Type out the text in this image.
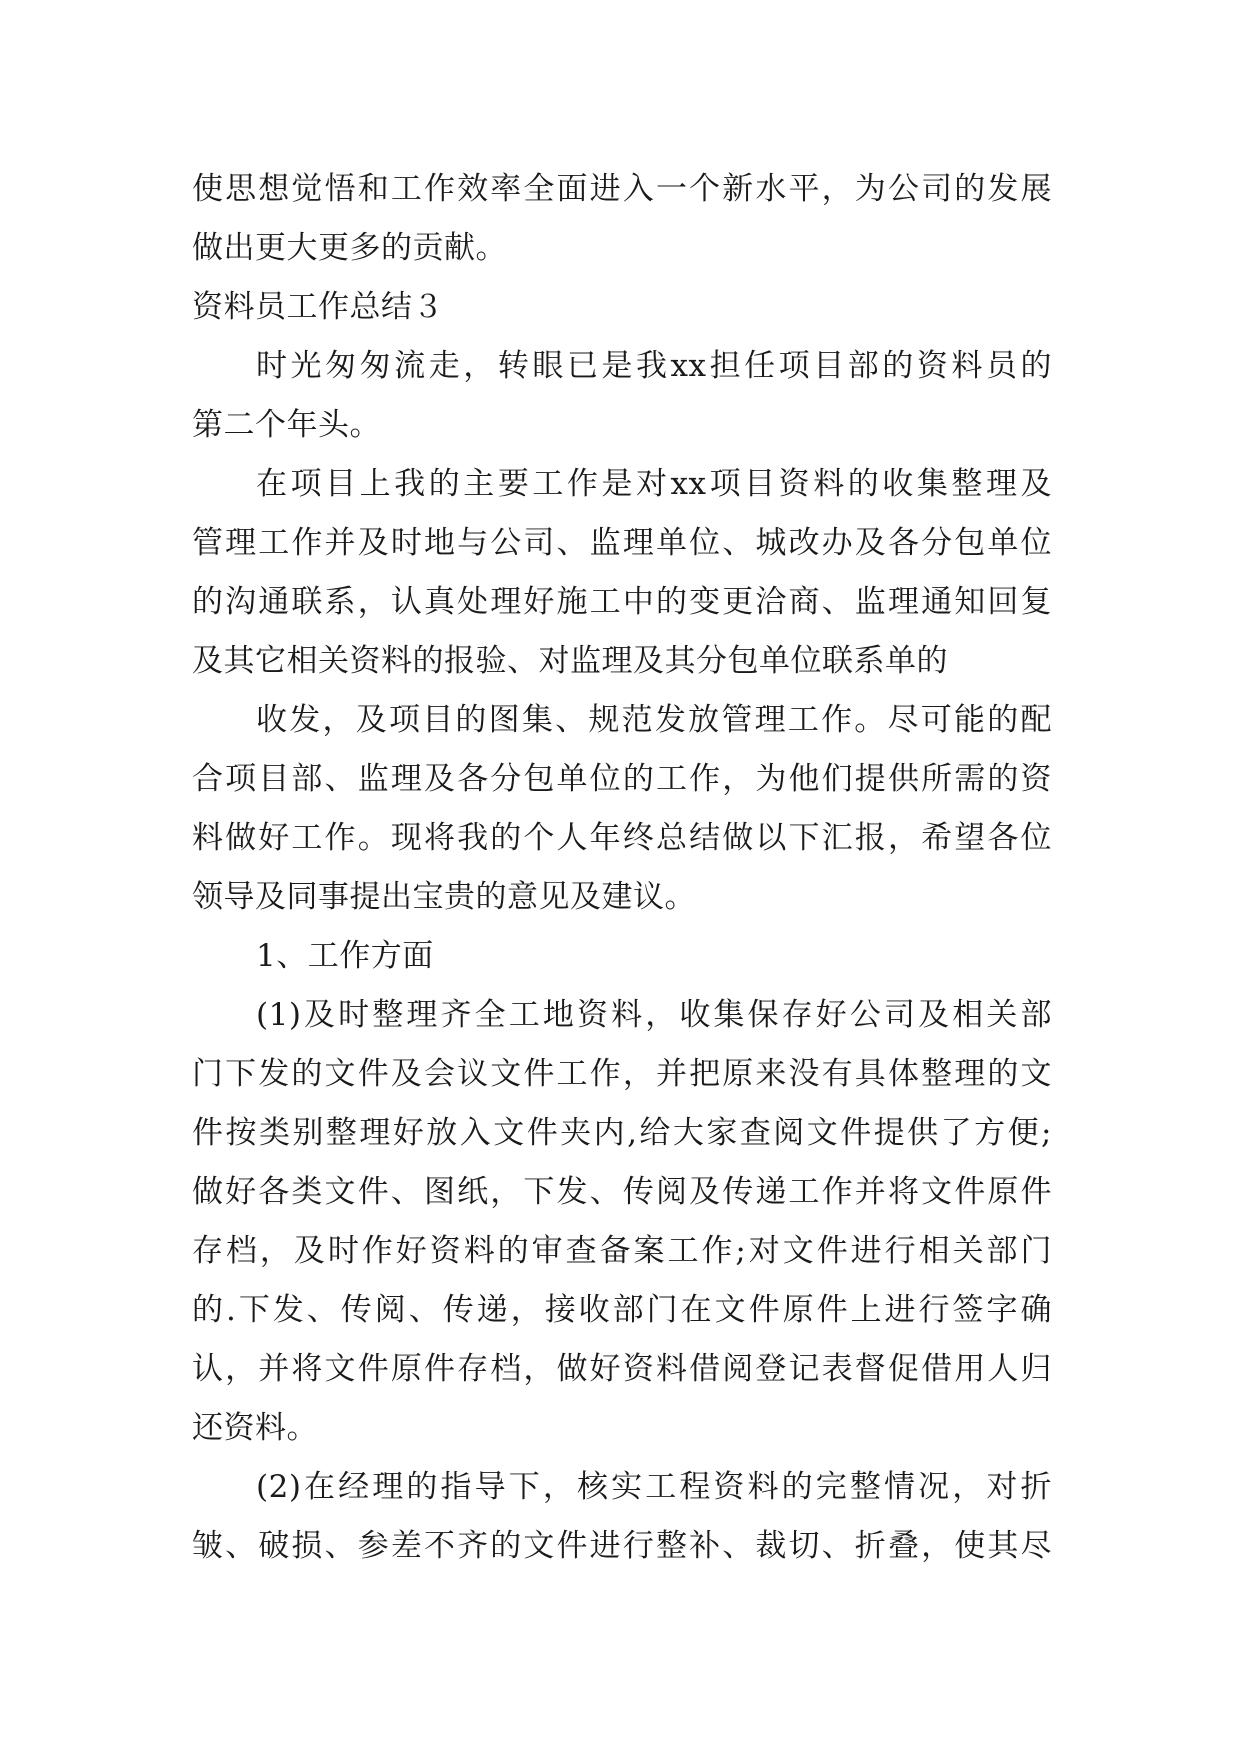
使思想觉悟和工作效率全面进入一个新水平，为公司的发展
做出更大更多的贡献。
资料员工作总结３
时光匆匆流走，转眼已是我xx担任项目部的资料员的
第二个年头。
在项目上我的主要工作是对xx项目资料的收集整理及
管理工作并及时地与公司、监理单位、城改办及各分包单位
的沟通联系，认真处理好施工中的变更洽商、监理通知回复
及其它相关资料的报验、对监理及其分包单位联系单的
收发，及项目的图集、规范发放管理工作。尽可能的配
合项目部、监理及各分包单位的工作，为他们提供所需的资
料做好工作。现将我的个人年终总结做以下汇报，希望各位
领导及同事提出宝贵的意见及建议。
1、工作方面
(1)及时整理齐全工地资料，收集保存好公司及相关部
门下发的文件及会议文件工作，并把原来没有具体整理的文
件按类别整理好放入文件夹内,给大家查阅文件提供了方便;
做好各类文件、图纸，下发、传阅及传递工作并将文件原件
存档，及时作好资料的审查备案工作;对文件进行相关部门
的.下发、传阅、传递，接收部门在文件原件上进行签字确
认，并将文件原件存档，做好资料借阅登记表督促借用人归
还资料。
(2)在经理的指导下，核实工程资料的完整情况，对折
皱、破损、参差不齐的文件进行整补、裁切、折叠，使其尽
